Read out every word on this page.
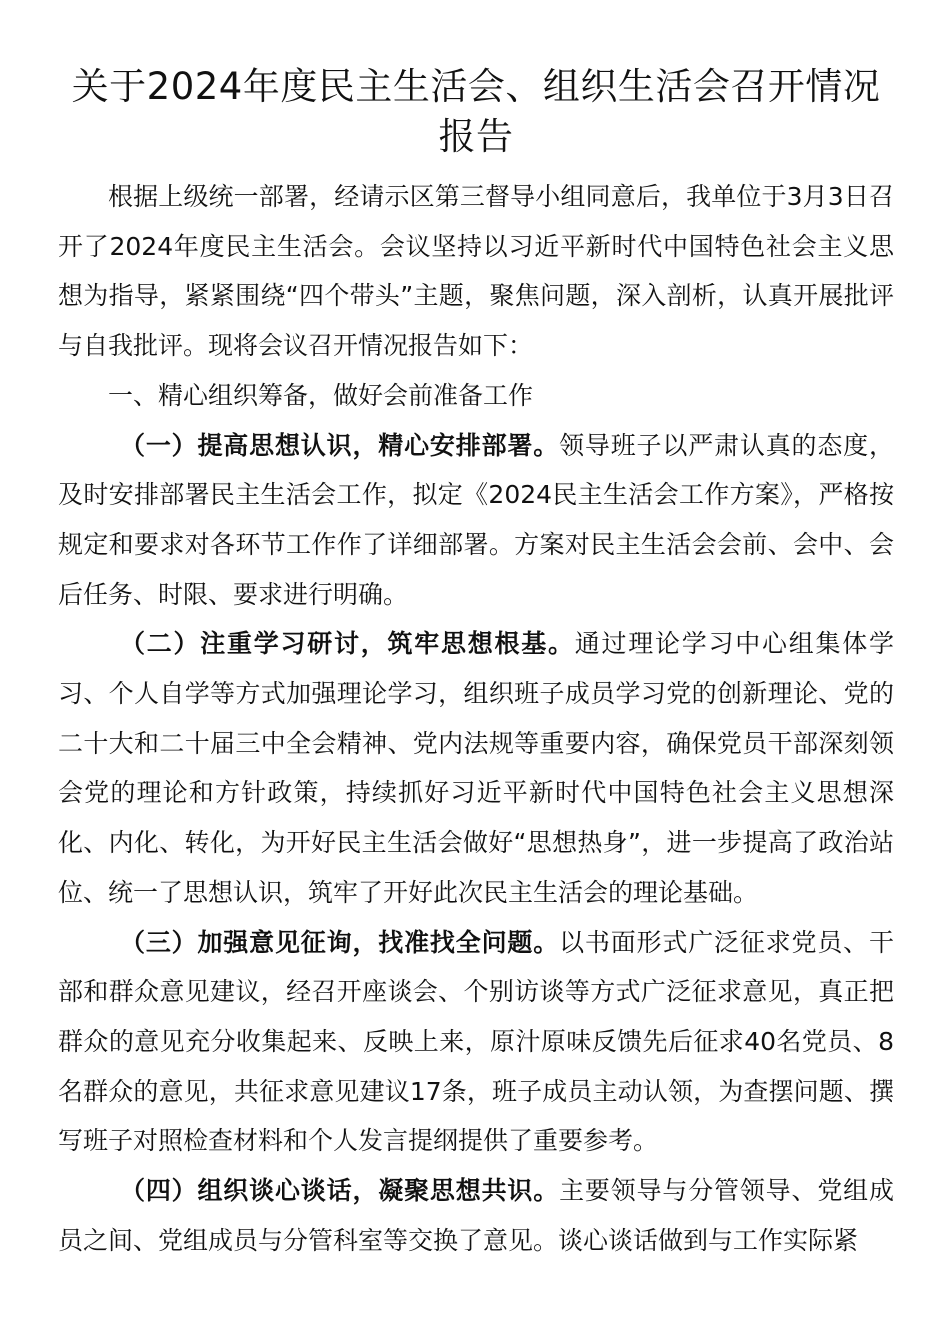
关于2024年度民主生活会、组织生活会召开情况报告

根据上级统一部署，经请示区第三督导小组同意后，我单位于3月3日召开了2024年度民主生活会。会议坚持以习近平新时代中国特色社会主义思想为指导，紧紧围绕“四个带头”主题，聚焦问题，深入剖析，认真开展批评与自我批评。现将会议召开情况报告如下：

一、精心组织筹备，做好会前准备工作

（一）提高思想认识，精心安排部署。领导班子以严肃认真的态度，及时安排部署民主生活会工作，拟定《2024民主生活会工作方案》，严格按规定和要求对各环节工作作了详细部署。方案对民主生活会会前、会中、会后任务、时限、要求进行明确。

（二）注重学习研讨，筑牢思想根基。通过理论学习中心组集体学习、个人自学等方式加强理论学习，组织班子成员学习党的创新理论、党的二十大和二十届三中全会精神、党内法规等重要内容，确保党员干部深刻领会党的理论和方针政策，持续抓好习近平新时代中国特色社会主义思想深化、内化、转化，为开好民主生活会做好“思想热身”，进一步提高了政治站位、统一了思想认识，筑牢了开好此次民主生活会的理论基础。

（三）加强意见征询，找准找全问题。以书面形式广泛征求党员、干部和群众意见建议，经召开座谈会、个别访谈等方式广泛征求意见，真正把群众的意见充分收集起来、反映上来，原汁原味反馈先后征求40名党员、8名群众的意见，共征求意见建议17条，班子成员主动认领，为查摆问题、撰写班子对照检查材料和个人发言提纲提供了重要参考。

（四）组织谈心谈话，凝聚思想共识。主要领导与分管领导、党组成员之间、党组成员与分管科室等交换了意见。谈心谈话做到与工作实际紧
